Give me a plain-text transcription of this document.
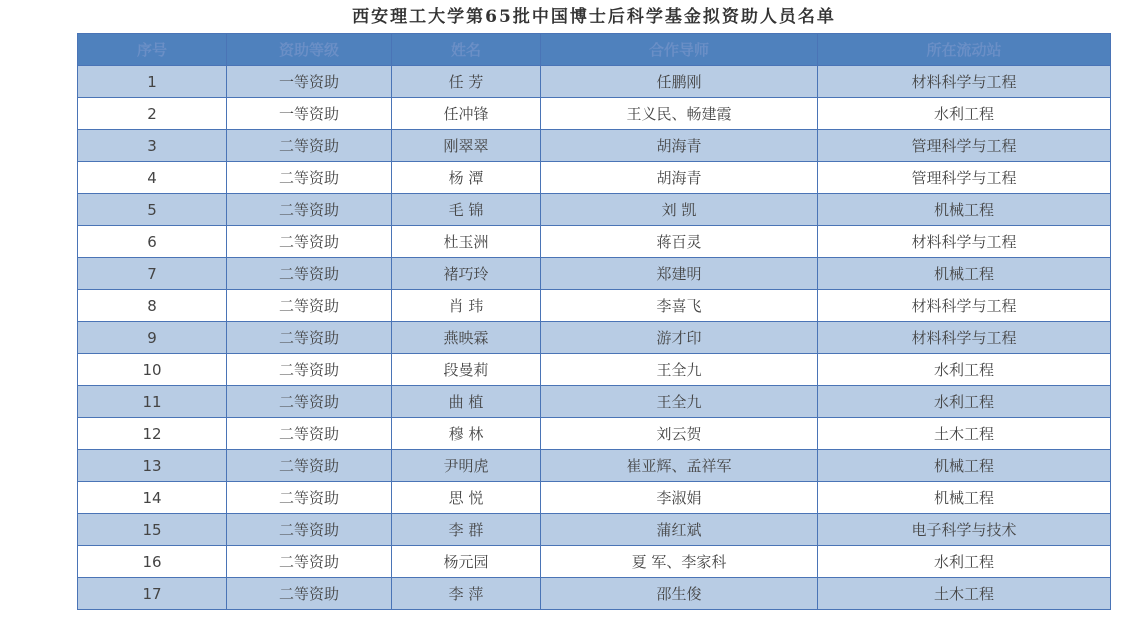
西安理工大学第65批中国博士后科学基金拟资助人员名单
序号	资助等级	姓名	合作导师	所在流动站
1	一等资助	任 芳	任鹏刚	材料科学与工程
2	一等资助	任冲锋	王义民、畅建霞	水利工程
3	二等资助	刚翠翠	胡海青	管理科学与工程
4	二等资助	杨 潭	胡海青	管理科学与工程
5	二等资助	毛 锦	刘 凯	机械工程
6	二等资助	杜玉洲	蒋百灵	材料科学与工程
7	二等资助	褚巧玲	郑建明	机械工程
8	二等资助	肖 玮	李喜飞	材料科学与工程
9	二等资助	燕映霖	游才印	材料科学与工程
10	二等资助	段曼莉	王全九	水利工程
11	二等资助	曲 植	王全九	水利工程
12	二等资助	穆 林	刘云贺	土木工程
13	二等资助	尹明虎	崔亚辉、孟祥军	机械工程
14	二等资助	思 悦	李淑娟	机械工程
15	二等资助	李 群	蒲红斌	电子科学与技术
16	二等资助	杨元园	夏 军、李家科	水利工程
17	二等资助	李 萍	邵生俊	土木工程
